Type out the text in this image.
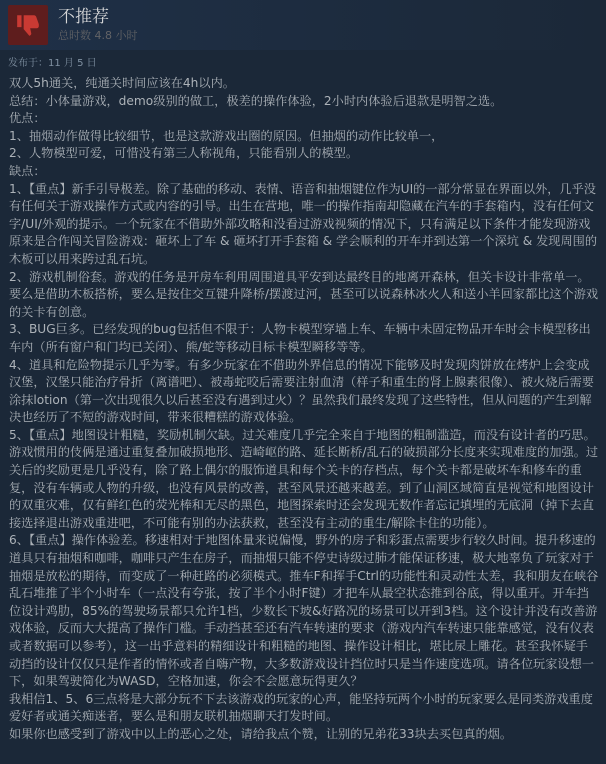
不推荐
总时数 4.8 小时
发布于：11 月 5 日

双人5h通关，纯通关时间应该在4h以内。

总结：小体量游戏，demo级别的做工，极差的操作体验，2小时内体验后退款是明智之选。

优点：

1、抽烟动作做得比较细节，也是这款游戏出圈的原因。但抽烟的动作比较单一，

2、人物模型可爱，可惜没有第三人称视角，只能看别人的模型。

缺点：

1、【重点】新手引导极差。除了基础的移动、表情、语音和抽烟键位作为UI的一部分常显在界面以外，几乎没有任何关于游戏操作方式或内容的引导。出生在营地，唯一的操作指南却隐藏在汽车的手套箱内，没有任何文字/UI/外观的提示。一个玩家在不借助外部攻略和没看过游戏视频的情况下，只有满足以下条件才能发现游戏原来是合作闯关冒险游戏：砸坏上了车 & 砸坏打开手套箱 & 学会顺利的开车并到达第一个深坑 & 发现周围的木板可以用来跨过乱石坑。

2、游戏机制俗套。游戏的任务是开房车利用周围道具平安到达最终目的地离开森林，但关卡设计非常单一。要么是借助木板搭桥，要么是按住交互键升降桥/摆渡过河，甚至可以说森林冰火人和送小羊回家都比这个游戏的关卡有创意。

3、BUG巨多。已经发现的bug包括但不限于：人物卡模型穿墙上车、车辆中未固定物品开车时会卡模型移出车内（所有窗户和门均已关闭）、熊/蛇等移动目标卡模型瞬移等等。

4、道具和危险物提示几乎为零。有多少玩家在不借助外界信息的情况下能够及时发现肉饼放在烤炉上会变成汉堡，汉堡只能治疗骨折（离谱吧）、被毒蛇咬后需要注射血清（样子和重生的肾上腺素很像）、被火烧后需要涂抹lotion（第一次出现很久以后甚至没有遇到过火）？虽然我们最终发现了这些特性，但从问题的产生到解决也经历了不短的游戏时间，带来很糟糕的游戏体验。

5、【重点】地图设计粗糙，奖励机制欠缺。过关难度几乎完全来自于地图的粗制滥造，而没有设计者的巧思。游戏惯用的伎俩是通过重复叠加破损地形、造崎岖的路、延长断桥/乱石的破损部分长度来实现难度的加强。过关后的奖励更是几乎没有，除了路上偶尔的服饰道具和每个关卡的存档点，每个关卡都是破坏车和修车的重复，没有车辆或人物的升级，也没有风景的改善，甚至风景还越来越差。到了山洞区域简直是视觉和地图设计的双重灾难，仅有鲜红色的荧光棒和无尽的黑色，地图探索时还会发现无数作者忘记填埋的无底洞（掉下去直接选择退出游戏重进吧，不可能有别的办法获救，甚至没有主动的重生/解除卡住的功能）。

6、【重点】操作体验差。移速相对于地图体量来说偏慢，野外的房子和彩蛋点需要步行较久时间。提升移速的道具只有抽烟和咖啡，咖啡只产生在房子，而抽烟只能不停史诗级过肺才能保证移速，极大地辜负了玩家对于抽烟是放松的期待，而变成了一种赶路的必须模式。推车F和挥手Ctrl的功能性和灵动性太差，我和朋友在峡谷乱石堆推了半个小时车（一点没有夸张，按了半个小时F键）才把车从最空状态推到谷底，得以重开。开车挡位设计鸡肋，85%的驾驶场景都只允许1档，少数长下坡&好路况的场景可以开到3档。这个设计并没有改善游戏体验，反而大大提高了操作门槛。手动挡甚至还有汽车转速的要求（游戏内汽车转速只能靠感觉，没有仪表或者数据可以参考），这一出乎意料的精细设计和粗糙的地图、操作设计相比，堪比尿上雕花。甚至我怀疑手动挡的设计仅仅只是作者的情怀或者自嗨产物，大多数游戏设计挡位时只是当作速度选项。请各位玩家设想一下，如果驾驶简化为WASD，空格加速，你会不会愿意玩得更久？

我相信1、5、6三点将是大部分玩不下去该游戏的玩家的心声，能坚持玩两个小时的玩家要么是同类游戏重度爱好者或通关痴迷者，要么是和朋友联机抽烟聊天打发时间。

如果你也感受到了游戏中以上的恶心之处，请给我点个赞，让别的兄弟花33块去买包真的烟。
